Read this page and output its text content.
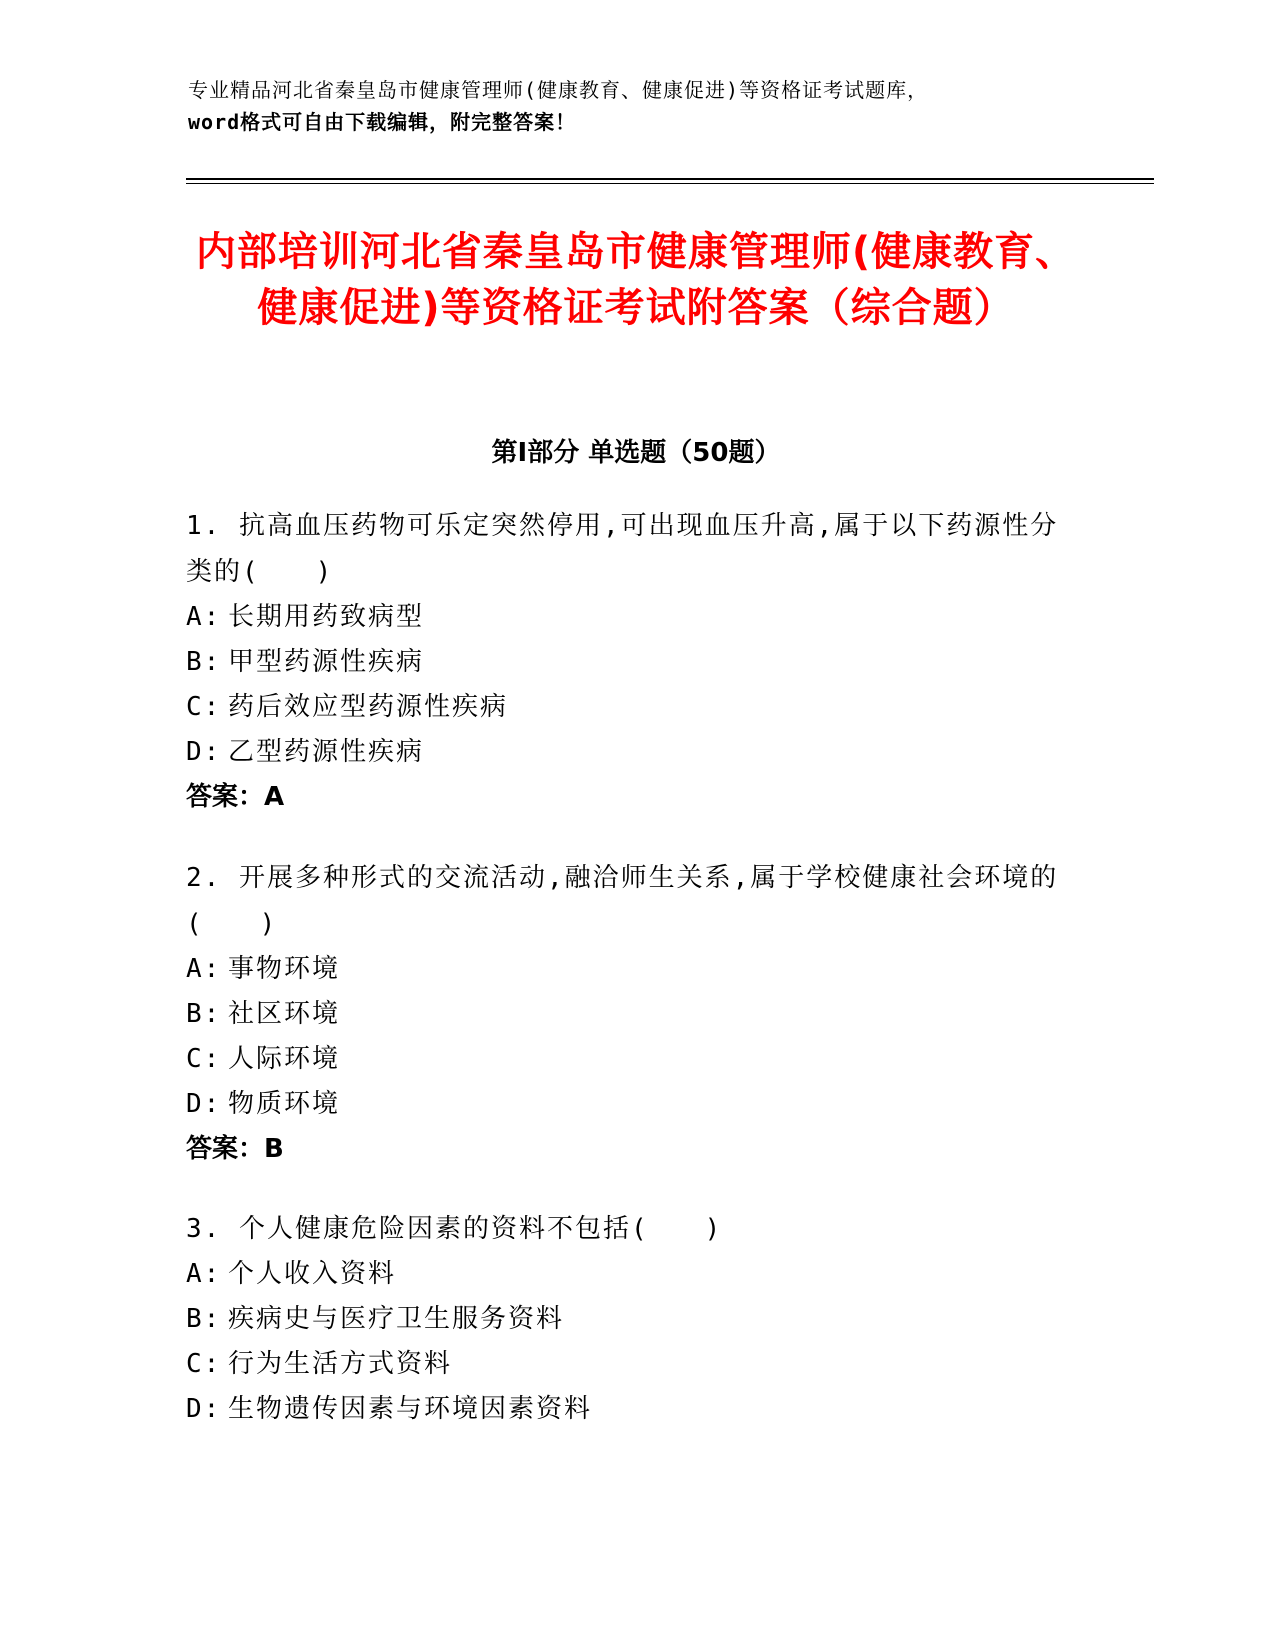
专业精品河北省秦皇岛市健康管理师(健康教育、健康促进)等资格证考试题库，
word格式可自由下载编辑，附完整答案！
内部培训河北省秦皇岛市健康管理师(健康教育、健康促进)等资格证考试附答案（综合题）
第I部分 单选题（50题）
1. 抗高血压药物可乐定突然停用,可出现血压升高,属于以下药源性分类的(　　)
A: 长期用药致病型
B: 甲型药源性疾病
C: 药后效应型药源性疾病
D: 乙型药源性疾病
答案：A
2. 开展多种形式的交流活动,融洽师生关系,属于学校健康社会环境的(　　)
A: 事物环境
B: 社区环境
C: 人际环境
D: 物质环境
答案：B
3. 个人健康危险因素的资料不包括(　　)
A: 个人收入资料
B: 疾病史与医疗卫生服务资料
C: 行为生活方式资料
D: 生物遗传因素与环境因素资料
